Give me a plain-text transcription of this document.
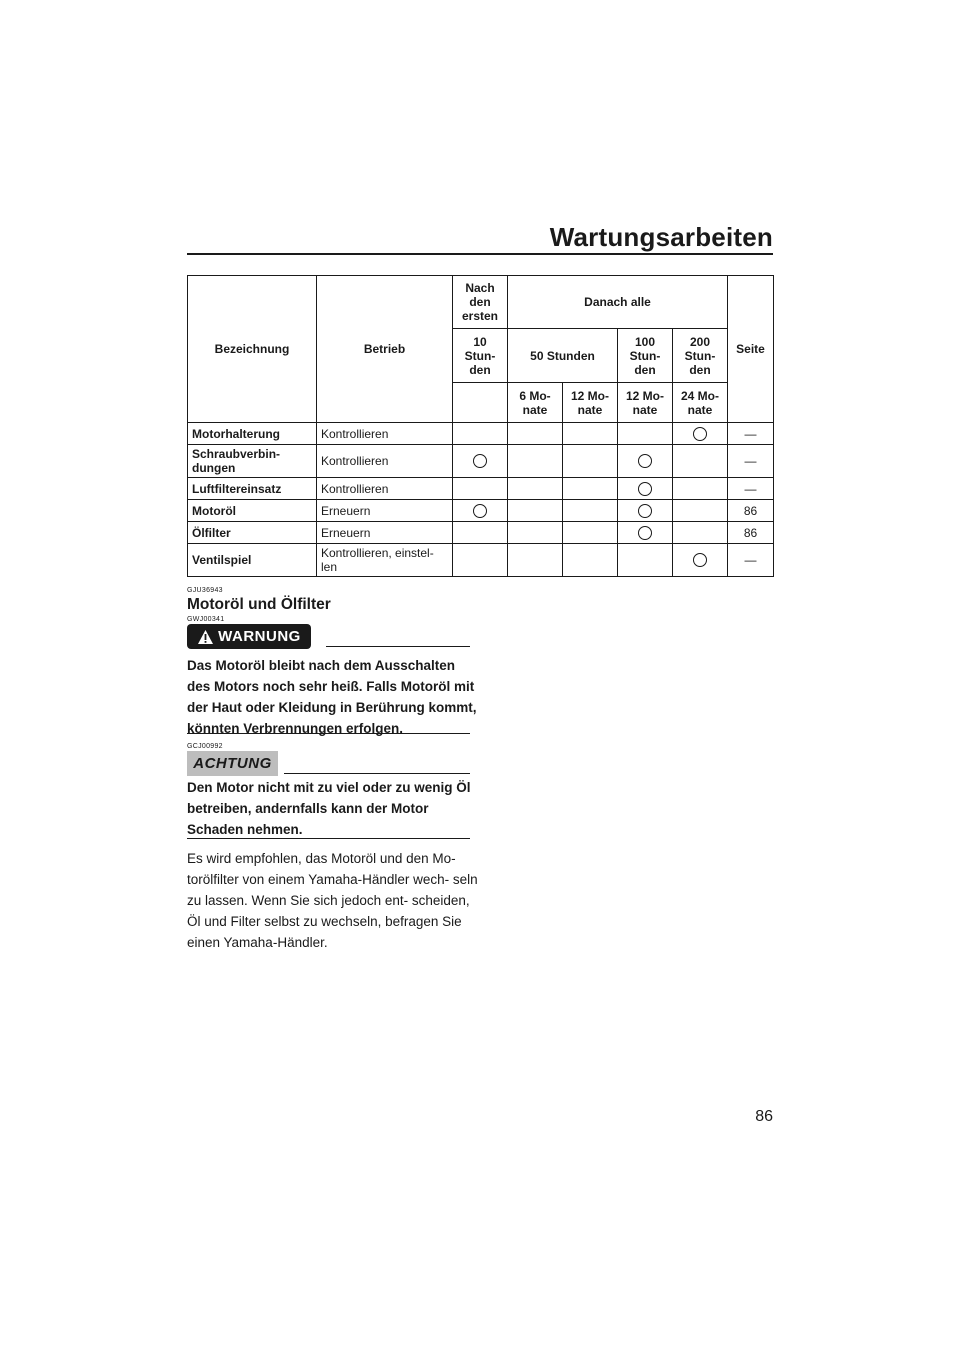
Wartungsarbeiten
Bezeichnung	Betrieb	Nach den ersten	Danach alle				Seite
		10 Stun- den	50 Stunden		100 Stun- den	200 Stun- den	
			6 Mo- nate	12 Mo- nate	12 Mo- nate	24 Mo- nate	
Motorhalterung	Kontrollieren						—
Schraubverbin- dungen	Kontrollieren						—
Luftfiltereinsatz	Kontrollieren						—
Motoröl	Erneuern						86
Ölfilter	Erneuern						86
Ventilspiel	Kontrollieren, einstel- len						—
GJU36943
Motoröl und Ölfilter
GWJ00341
WARNUNG
Das Motoröl bleibt nach dem Ausschalten des Motors noch sehr heiß. Falls Motoröl mit der Haut oder Kleidung in Berührung kommt, könnten Verbrennungen erfolgen.
GCJ00992
ACHTUNG
Den Motor nicht mit zu viel oder zu wenig Öl betreiben, andernfalls kann der Motor Schaden nehmen.
Es wird empfohlen, das Motoröl und den Mo- torölfilter von einem Yamaha-Händler wech- seln zu lassen. Wenn Sie sich jedoch ent- scheiden, Öl und Filter selbst zu wechseln, befragen Sie einen Yamaha-Händler.
86
